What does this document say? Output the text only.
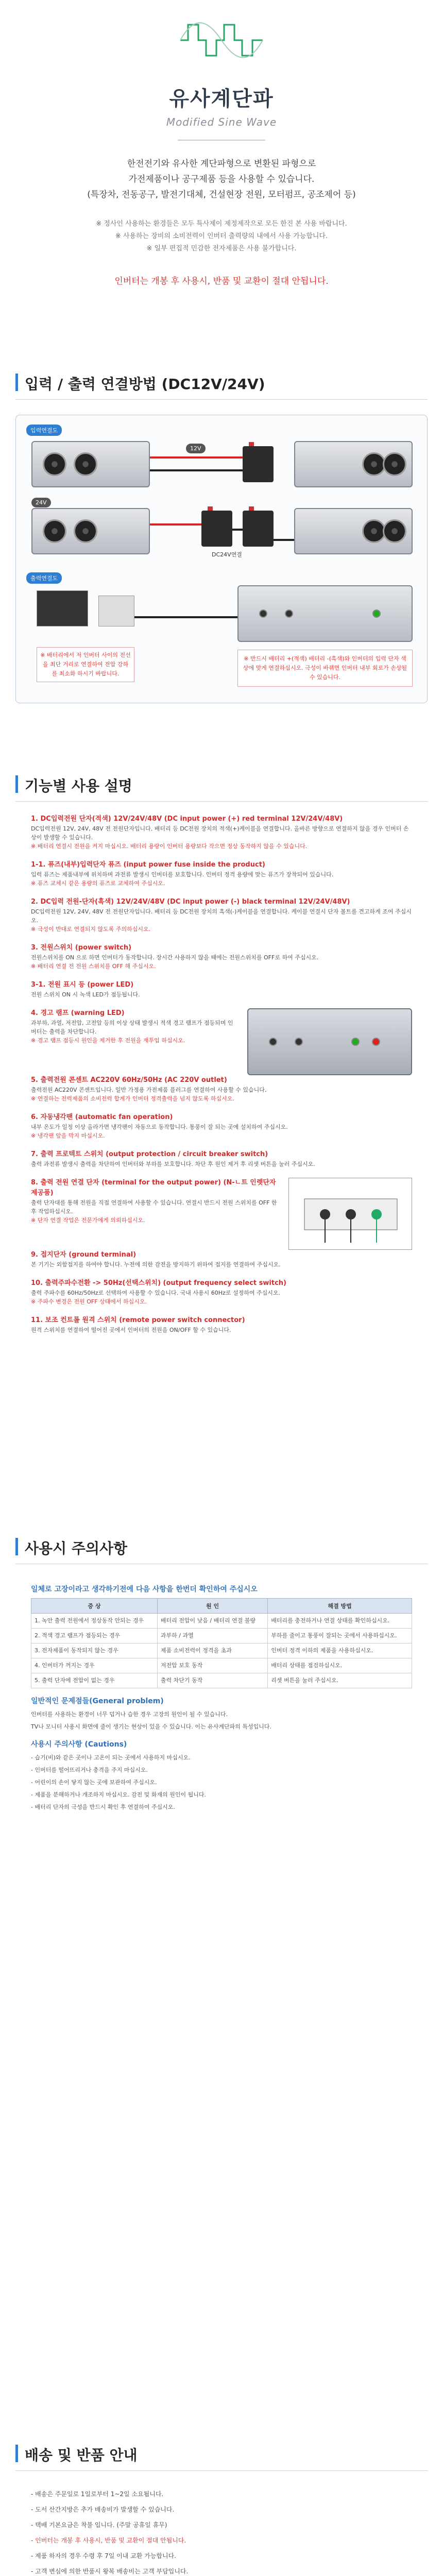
유사계단파
Modified Sine Wave

한전전기와 유사한 계단파형으로 변환된 파형으로

가전제품이나 공구제품 등을 사용할 수 있습니다.

(특장차, 전동공구, 발전기대체, 건설현장 전원, 모터펌프, 공조제어 등)

※ 정사인 사용하는 환경들은 모두 특사제이 제정제작으로 모든 한진 본 사용 바랍니다.

※ 사용하는 장비의 소비전력이 인버터 출력량의 내에서 사용 가능합니다.

※ 일부 편집적 민감한 전자제품은 사용 불가합니다.

인버터는 개봉 후 사용시, 반품 및 교환이 절대 안됩니다.

입력 / 출력 연결방법 (DC12V/24V)
입력연결도
12V
24V
DC24V연결
출력연결도
※ 배터리에서 저 인버터 사이의 전선을 최단 거리로 연결하여 전압 강하를 최소화 하시기 바랍니다.
※ 반드시 배터리 +(적색) 배터리 -(흑색)와 인버터의 입력 단자 색상에 맞게 연결하십시오. 극성이 바뀌면 인버터 내부 회로가 손상될 수 있습니다.
기능별 사용 설명
1. DC입력전원 단자(적색) 12V/24V/48V (DC input power (+) red terminal 12V/24V/48V)

DC입력전원 12V, 24V, 48V 전 전원단자입니다. 배터리 등 DC전원 장치의 적색(+)케이블을 연결합니다. 올바른 방향으로 연결하지 않을 경우 인버터 손상이 발생할 수 있습니다.

※ 배터리 연결시 전원을 켜지 마십시오. 배터리 용량이 인버터 용량보다 작으면 정상 동작하지 않을 수 있습니다.

1-1. 퓨즈(내부)입력단자 퓨즈 (input power fuse inside the product)

입력 퓨즈는 제품내부에 위치하며 과전류 발생시 인버터를 보호합니다. 인버터 정격 용량에 맞는 퓨즈가 장착되어 있습니다.

※ 퓨즈 교체시 같은 용량의 퓨즈로 교체하여 주십시오.

2. DC입력 전원-단자(흑색) 12V/24V/48V (DC input power (-) black terminal 12V/24V/48V)

DC입력전원 12V, 24V, 48V 전 전원단자입니다. 배터리 등 DC전원 장치의 흑색(-)케이블을 연결합니다. 케이블 연결시 단자 볼트를 견고하게 조여 주십시오.

※ 극성이 반대로 연결되지 않도록 주의하십시오.

3. 전원스위치 (power switch)

전원스위치를 ON 으로 하면 인버터가 동작합니다. 장시간 사용하지 않을 때에는 전원스위치를 OFF로 하여 주십시오.

※ 배터리 연결 전 전원 스위치를 OFF 해 주십시오.

3-1. 전원 표시 등 (power LED)

전원 스위치 ON 시 녹색 LED가 점등됩니다.

4. 경고 램프 (warning LED)

과부하, 과열, 저전압, 고전압 등의 이상 상태 발생시 적색 경고 램프가 점등되며 인버터는 출력을 차단합니다.

※ 경고 램프 점등시 원인을 제거한 후 전원을 재투입 하십시오.

5. 출력전원 콘센트 AC220V 60Hz/50Hz (AC 220V outlet)

출력전원 AC220V 콘센트입니다. 일반 가정용 가전제품 플러그를 연결하여 사용할 수 있습니다.

※ 연결하는 전력제품의 소비전력 합계가 인버터 정격출력을 넘지 않도록 하십시오.

6. 자동냉각팬 (automatic fan operation)

내부 온도가 일정 이상 올라가면 냉각팬이 자동으로 동작합니다. 통풍이 잘 되는 곳에 설치하여 주십시오.

※ 냉각팬 앞을 막지 마십시오.

7. 출력 프로텍트 스위치 (output protection / circuit breaker switch)

출력 과전류 발생시 출력을 차단하여 인버터와 부하를 보호합니다. 차단 후 원인 제거 후 리셋 버튼을 눌러 주십시오.

8. 출력 전원 연결 단자 (terminal for the output power) (N-ㄴ트 인렛단자 제공품)

출력 단자대를 통해 전원을 직접 연결하여 사용할 수 있습니다. 연결시 반드시 전원 스위치를 OFF 한 후 작업하십시오.

※ 단자 연결 작업은 전문가에게 의뢰하십시오.

9. 접지단자 (ground terminal)

본 기기는 외함접지를 하여야 합니다. 누전에 의한 감전을 방지하기 위하여 접지를 연결하여 주십시오.

10. 출력주파수전환 -> 50Hz(선택스위치) (output frequency select switch)

출력 주파수를 60Hz/50Hz로 선택하여 사용할 수 있습니다. 국내 사용시 60Hz로 설정하여 주십시오.

※ 주파수 변경은 전원 OFF 상태에서 하십시오.

11. 보조 컨트롤 원격 스위치 (remote power switch connector)

원격 스위치를 연결하여 떨어진 곳에서 인버터의 전원을 ON/OFF 할 수 있습니다.

사용시 주의사항
일체로 고장이라고 생각하기전에 다음 사항을 한번더 확인하여 주십시오
증 상	원 인	해결 방법
1. 녹안 출력 전원에서 정상동작 안되는 경우	배터리 전압이 낮음 / 배터리 연결 불량	배터리를 충전하거나 연결 상태를 확인하십시오.
2. 적색 경고 램프가 점등되는 경우	과부하 / 과열	부하를 줄이고 통풍이 잘되는 곳에서 사용하십시오.
3. 전자제품이 동작되지 않는 경우	제품 소비전력이 정격을 초과	인버터 정격 이하의 제품을 사용하십시오.
4. 인버터가 꺼지는 경우	저전압 보호 동작	배터리 상태를 점검하십시오.
5. 출력 단자에 전압이 없는 경우	출력 차단기 동작	리셋 버튼을 눌러 주십시오.
일반적인 문제점들(General problem)

인버터를 사용하는 환경이 너무 덥거나 습한 경우 고장의 원인이 될 수 있습니다.

TV나 모니터 사용시 화면에 줄이 생기는 현상이 있을 수 있습니다. 이는 유사계단파의 특성입니다.

사용시 주의사항 (Cautions)

- 습기(비)와 같은 곳이나 고온이 되는 곳에서 사용하지 마십시오.

- 인버터를 떨어뜨리거나 충격을 주지 마십시오.

- 어린이의 손이 닿지 않는 곳에 보관하여 주십시오.

- 제품을 분해하거나 개조하지 마십시오. 감전 및 화재의 원인이 됩니다.

- 배터리 단자의 극성을 반드시 확인 후 연결하여 주십시오.

배송 및 반품 안내

- 배송은 주문일로 1일로부터 1~2일 소요됩니다.

- 도서 산간지방은 추가 배송비가 발생할 수 있습니다.

- 택배 기본요금은 착불 입니다. (주말 공휴일 휴무)

- 인버터는 개봉 후 사용시, 반품 및 교환이 절대 안됩니다.

- 제품 하자의 경우 수령 후 7일 이내 교환 가능합니다.

- 고객 변심에 의한 반품시 왕복 배송비는 고객 부담입니다.
